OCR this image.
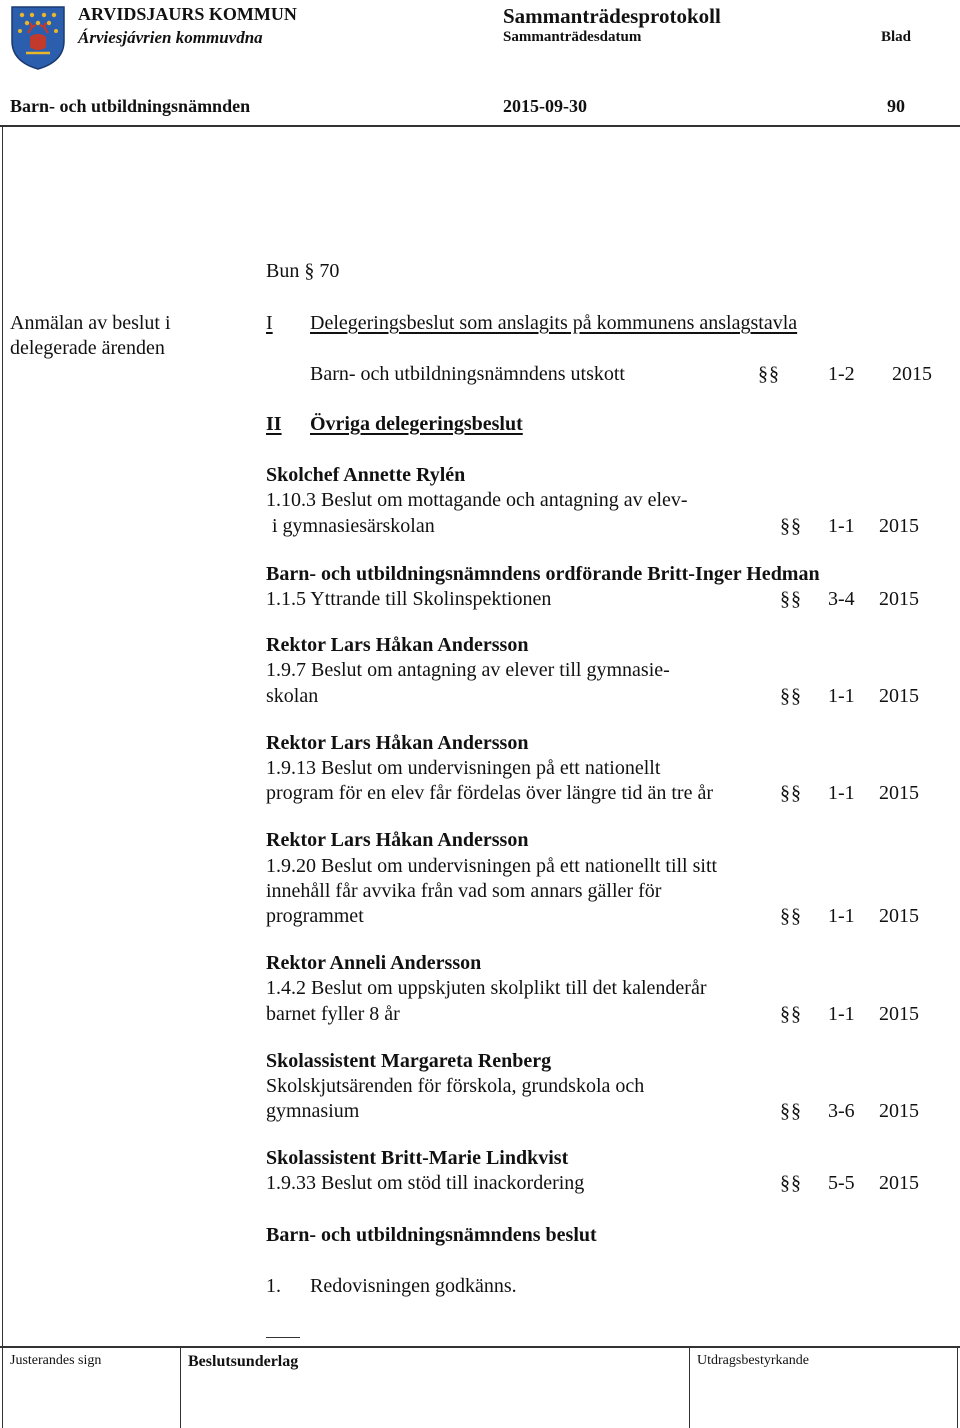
ARVIDSJAURS KOMMUN
Árviesjávrien kommuvdna
Sammanträdesprotokoll
Sammanträdesdatum	Blad
Barn- och utbildningsnämnden	2015-09-30	90
Bun § 70
Anmälan av beslut i
delegerade ärenden
I Delegeringsbeslut som anslagits på kommunens anslagstavla
Barn- och utbildningsnämndens utskott	§§ 1-2 2015
II Övriga delegeringsbeslut
Skolchef Annette Rylén
1.10.3 Beslut om mottagande och antagning av elev-
i gymnasiesärskolan	§§ 1-1 2015
Barn- och utbildningsnämndens ordförande Britt-Inger Hedman
1.1.5 Yttrande till Skolinspektionen	§§ 3-4 2015
Rektor Lars Håkan Andersson
1.9.7 Beslut om antagning av elever till gymnasie-
skolan	§§ 1-1 2015
Rektor Lars Håkan Andersson
1.9.13 Beslut om undervisningen på ett nationellt
program för en elev får fördelas över längre tid än tre år	§§ 1-1 2015
Rektor Lars Håkan Andersson
1.9.20 Beslut om undervisningen på ett nationellt till sitt
innehåll får avvika från vad som annars gäller för
programmet	§§ 1-1 2015
Rektor Anneli Andersson
1.4.2 Beslut om uppskjuten skolplikt till det kalenderår
barnet fyller 8 år	§§ 1-1 2015
Skolassistent Margareta Renberg
Skolskjutsärenden för förskola, grundskola och
gymnasium	§§ 3-6 2015
Skolassistent Britt-Marie Lindkvist
1.9.33 Beslut om stöd till inackordering	§§ 5-5 2015
Barn- och utbildningsnämndens beslut
1. Redovisningen godkänns.
Justerandes sign	Beslutsunderlag	Utdragsbestyrkande
